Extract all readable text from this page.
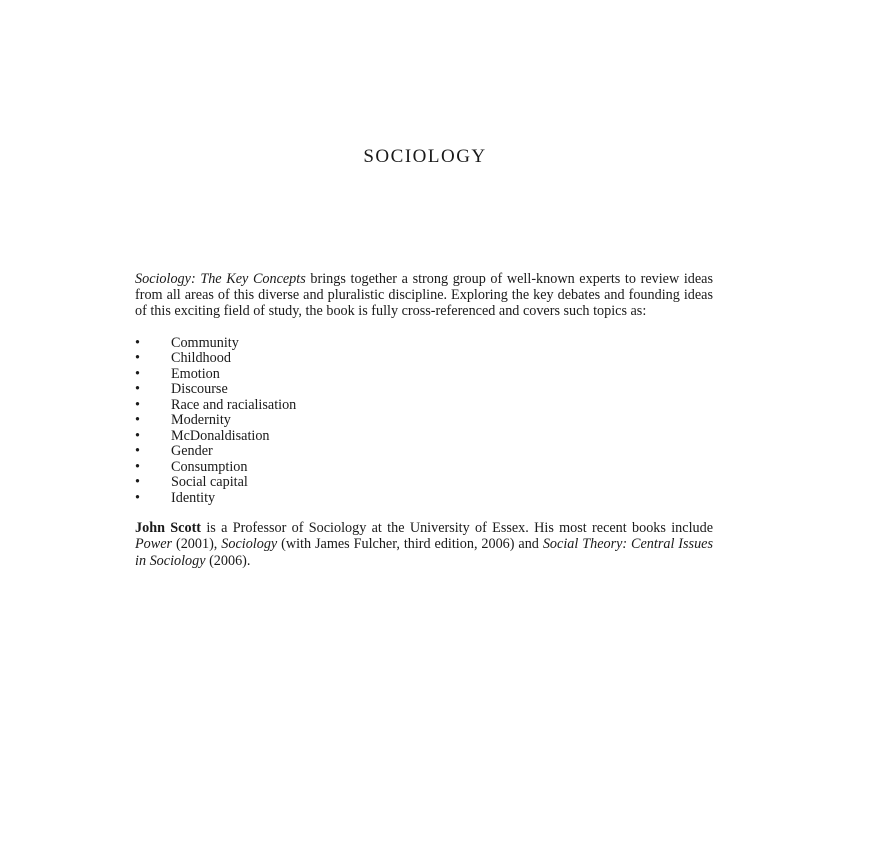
SOCIOLOGY

Sociology: The Key Concepts brings together a strong group of well-known experts to review ideas from all areas of this diverse and pluralistic discipline. Exploring the key debates and founding ideas of this exciting field of study, the book is fully cross-referenced and covers such topics as:

• Community
• Childhood
• Emotion
• Discourse
• Race and racialisation
• Modernity
• McDonaldisation
• Gender
• Consumption
• Social capital
• Identity

John Scott is a Professor of Sociology at the University of Essex. His most recent books include Power (2001), Sociology (with James Fulcher, third edition, 2006) and Social Theory: Central Issues in Sociology (2006).
